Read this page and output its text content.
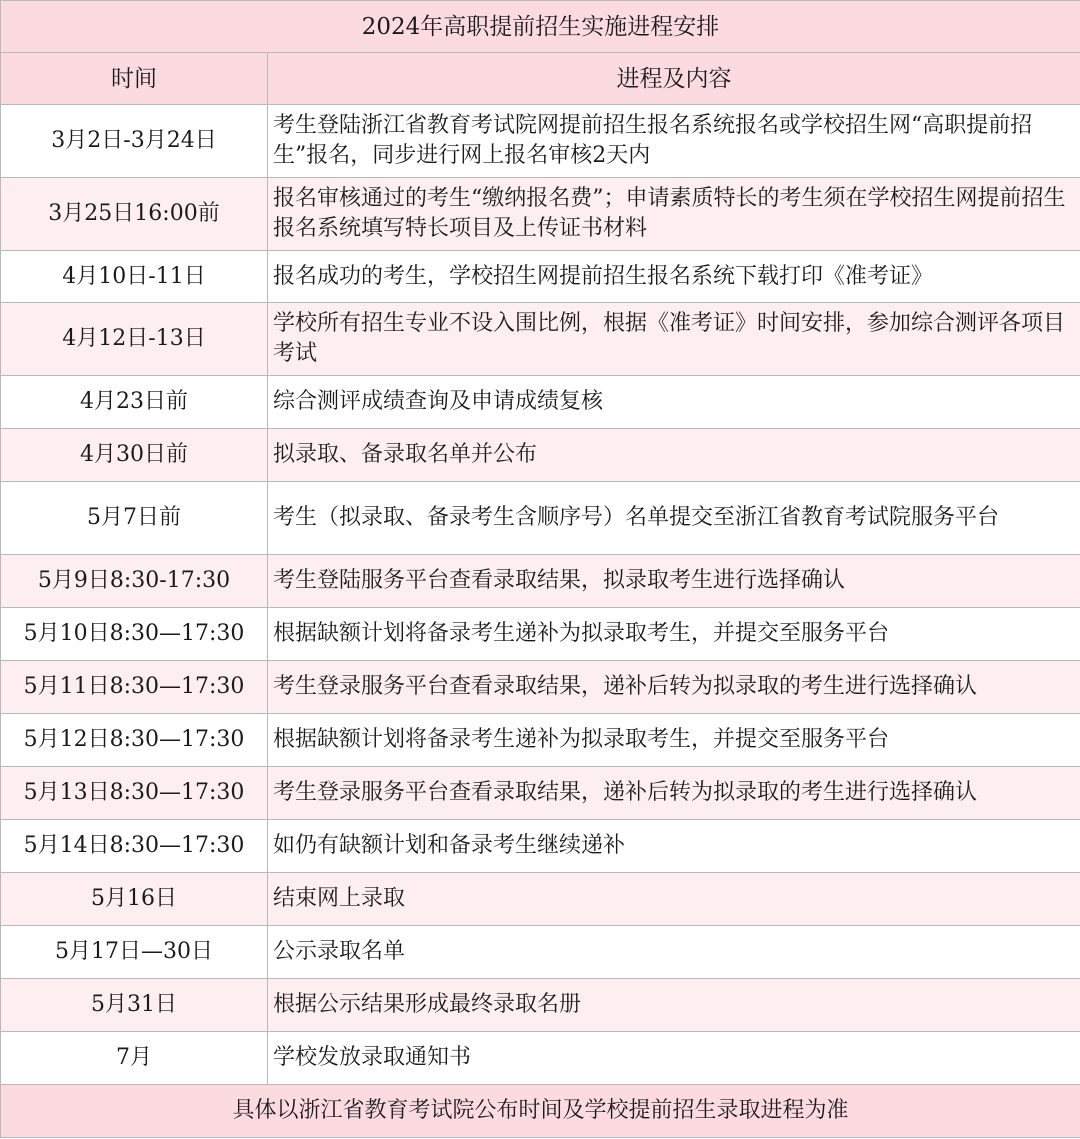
2024年高职提前招生实施进程安排	
时间	进程及内容
3月2日-3月24日	考生登陆浙江省教育考试院网提前招生报名系统报名或学校招生网“高职提前招生”报名，同步进行网上报名审核2天内
3月25日16:00前	报名审核通过的考生“缴纳报名费”；申请素质特长的考生须在学校招生网提前招生报名系统填写特长项目及上传证书材料
4月10日-11日	报名成功的考生，学校招生网提前招生报名系统下载打印《准考证》
4月12日-13日	学校所有招生专业不设入围比例，根据《准考证》时间安排，参加综合测评各项目考试
4月23日前	综合测评成绩查询及申请成绩复核
4月30日前	拟录取、备录取名单并公布
5月7日前	考生（拟录取、备录考生含顺序号）名单提交至浙江省教育考试院服务平台
5月9日8:30-17:30	考生登陆服务平台查看录取结果，拟录取考生进行选择确认
5月10日8:30—17:30	根据缺额计划将备录考生递补为拟录取考生，并提交至服务平台
5月11日8:30—17:30	考生登录服务平台查看录取结果，递补后转为拟录取的考生进行选择确认
5月12日8:30—17:30	根据缺额计划将备录考生递补为拟录取考生，并提交至服务平台
5月13日8:30—17:30	考生登录服务平台查看录取结果，递补后转为拟录取的考生进行选择确认
5月14日8:30—17:30	如仍有缺额计划和备录考生继续递补
5月16日	结束网上录取
5月17日—30日	公示录取名单
5月31日	根据公示结果形成最终录取名册
7月	学校发放录取通知书
具体以浙江省教育考试院公布时间及学校提前招生录取进程为准	
